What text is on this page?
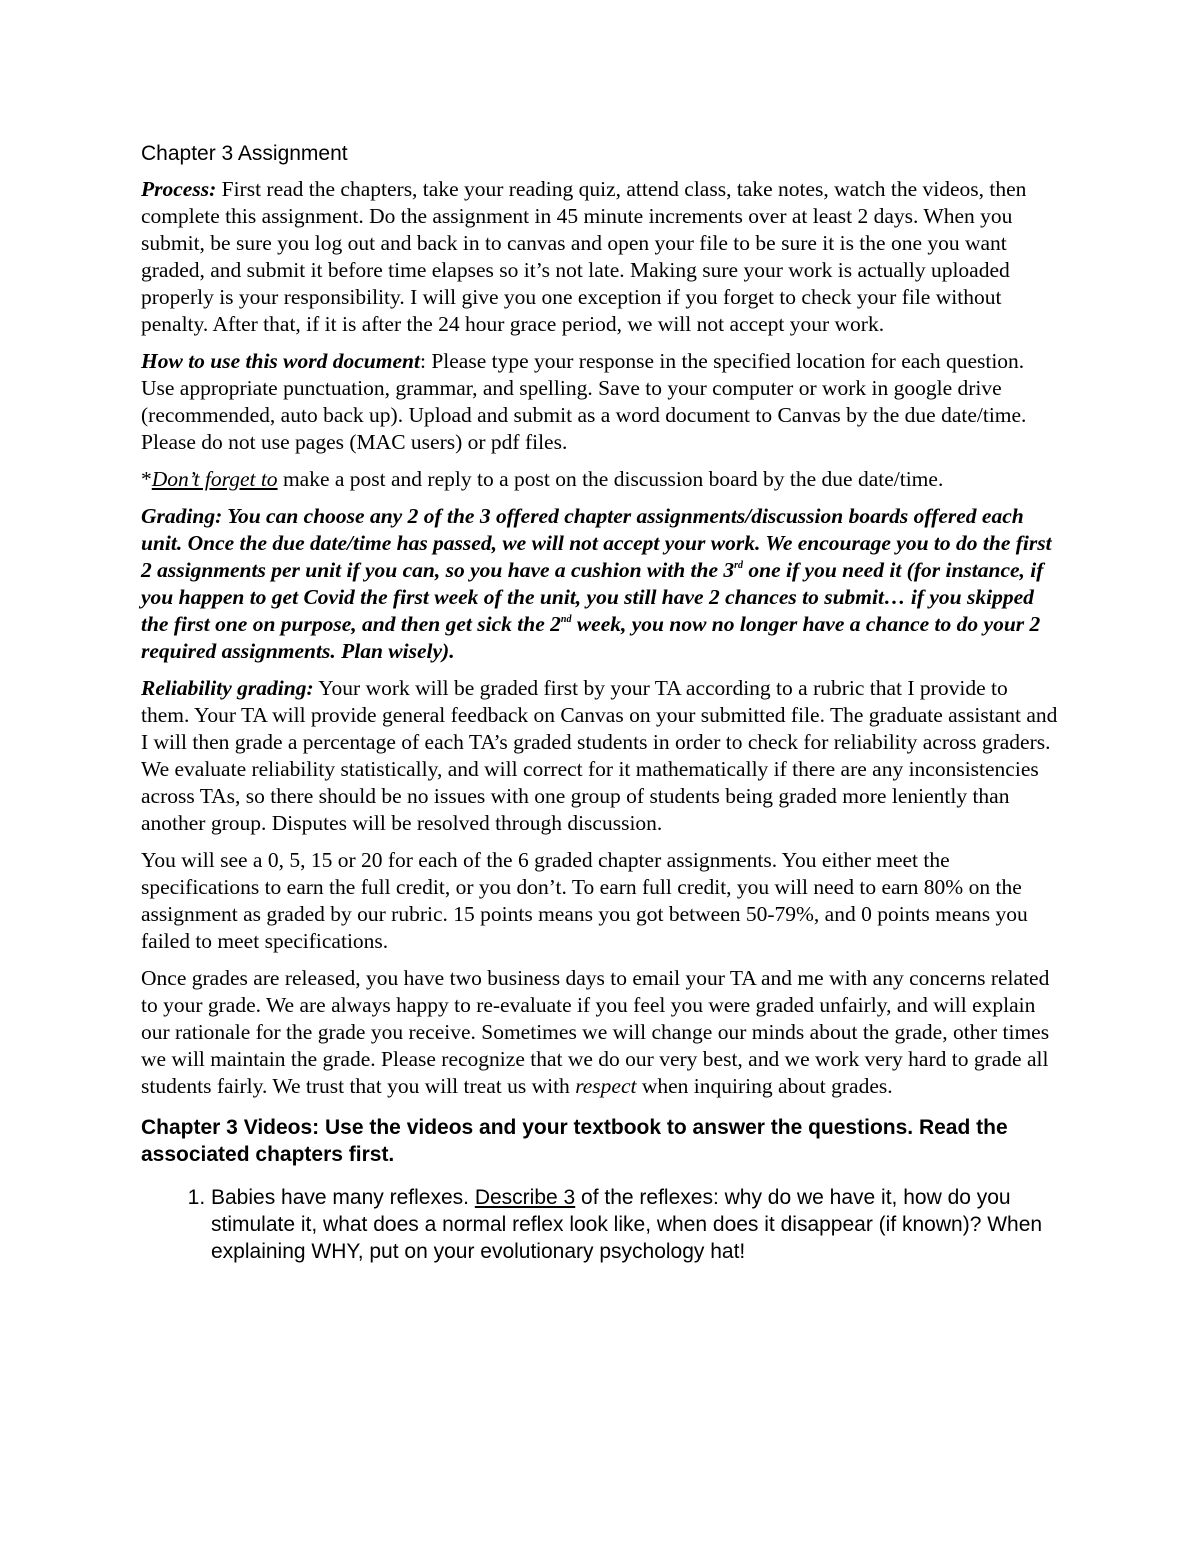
Chapter 3 Assignment

Process: First read the chapters, take your reading quiz, attend class, take notes, watch the videos, then complete this assignment. Do the assignment in 45 minute increments over at least 2 days. When you submit, be sure you log out and back in to canvas and open your file to be sure it is the one you want graded, and submit it before time elapses so it’s not late. Making sure your work is actually uploaded properly is your responsibility. I will give you one exception if you forget to check your file without penalty. After that, if it is after the 24 hour grace period, we will not accept your work.

How to use this word document: Please type your response in the specified location for each question. Use appropriate punctuation, grammar, and spelling. Save to your computer or work in google drive (recommended, auto back up). Upload and submit as a word document to Canvas by the due date/time. Please do not use pages (MAC users) or pdf files.

*Don’t forget to make a post and reply to a post on the discussion board by the due date/time.

Grading: You can choose any 2 of the 3 offered chapter assignments/discussion boards offered each unit. Once the due date/time has passed, we will not accept your work. We encourage you to do the first 2 assignments per unit if you can, so you have a cushion with the 3rd one if you need it (for instance, if you happen to get Covid the first week of the unit, you still have 2 chances to submit… if you skipped the first one on purpose, and then get sick the 2nd week, you now no longer have a chance to do your 2 required assignments. Plan wisely).

Reliability grading: Your work will be graded first by your TA according to a rubric that I provide to them. Your TA will provide general feedback on Canvas on your submitted file. The graduate assistant and I will then grade a percentage of each TA’s graded students in order to check for reliability across graders. We evaluate reliability statistically, and will correct for it mathematically if there are any inconsistencies across TAs, so there should be no issues with one group of students being graded more leniently than another group. Disputes will be resolved through discussion.

You will see a 0, 5, 15 or 20 for each of the 6 graded chapter assignments. You either meet the specifications to earn the full credit, or you don’t. To earn full credit, you will need to earn 80% on the assignment as graded by our rubric. 15 points means you got between 50-79%, and 0 points means you failed to meet specifications.

Once grades are released, you have two business days to email your TA and me with any concerns related to your grade. We are always happy to re-evaluate if you feel you were graded unfairly, and will explain our rationale for the grade you receive. Sometimes we will change our minds about the grade, other times we will maintain the grade. Please recognize that we do our very best, and we work very hard to grade all students fairly. We trust that you will treat us with respect when inquiring about grades.

Chapter 3 Videos: Use the videos and your textbook to answer the questions. Read the associated chapters first.
1. Babies have many reflexes. Describe 3 of the reflexes: why do we have it, how do you stimulate it, what does a normal reflex look like, when does it disappear (if known)? When explaining WHY, put on your evolutionary psychology hat!
